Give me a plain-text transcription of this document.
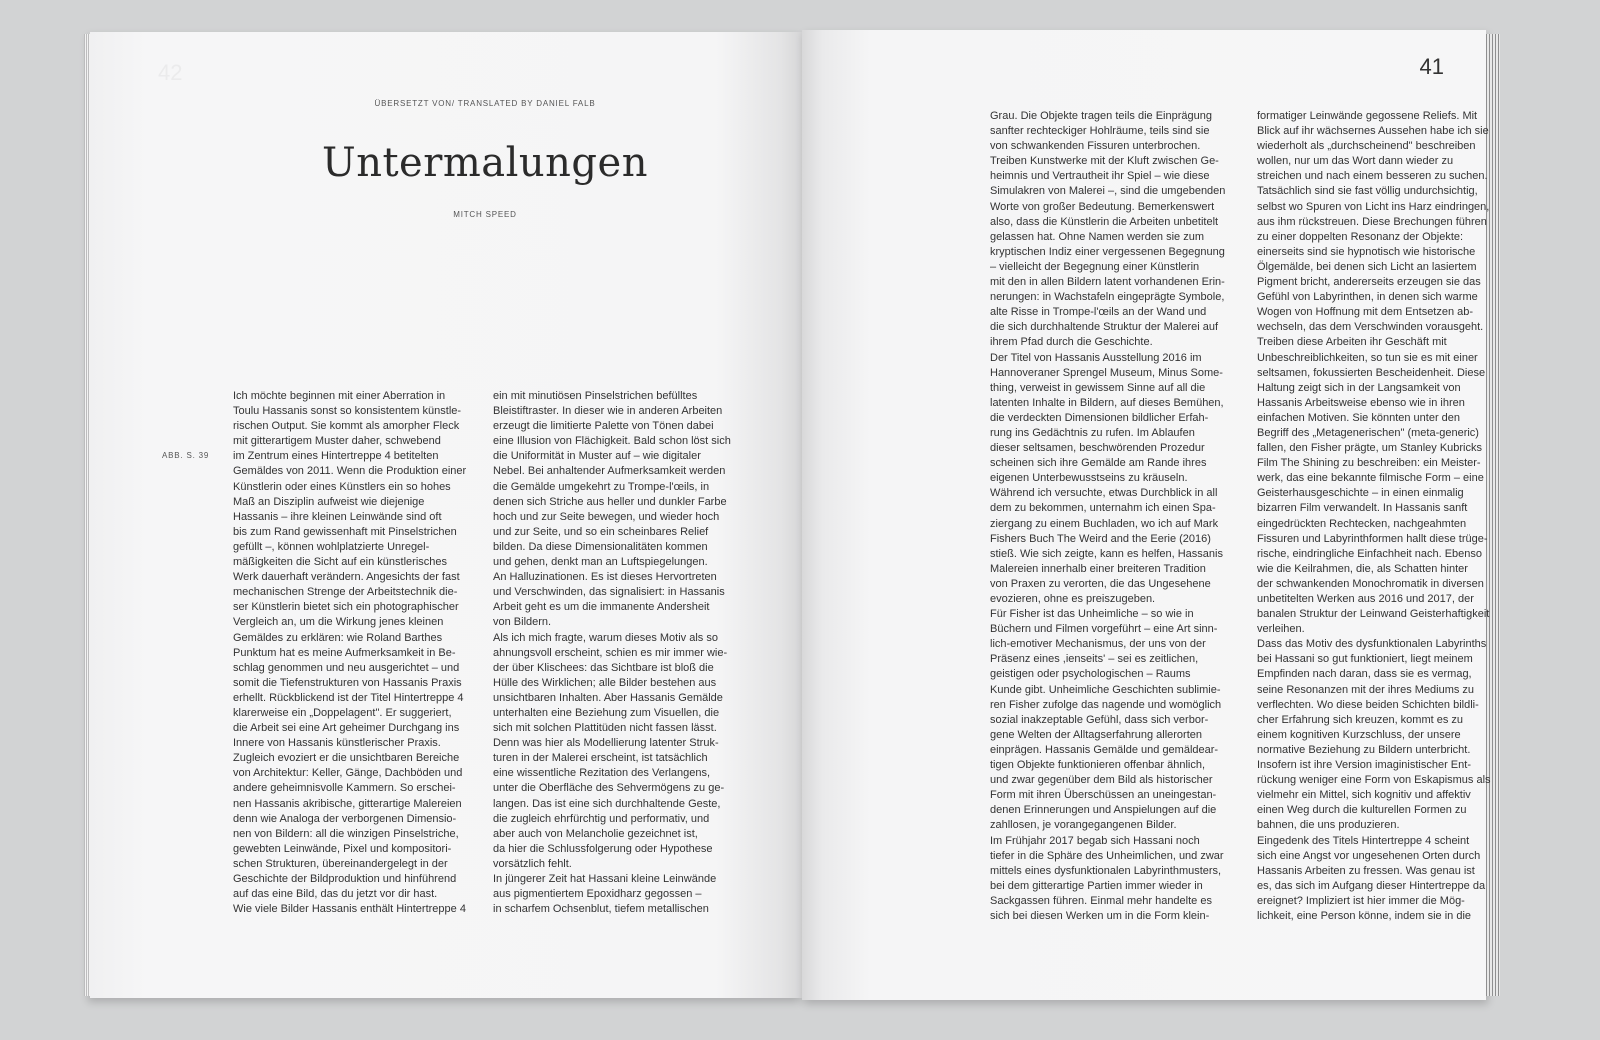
42
ÜBERSETZT VON/ TRANSLATED BY DANIEL FALB
Untermalungen
MITCH SPEED
ABB. S. 39
Ich möchte beginnen mit einer Aberration in
Toulu Hassanis sonst so konsistentem künstle-
rischen Output. Sie kommt als amorpher Fleck
mit gitterartigem Muster daher, schwebend
im Zentrum eines Hintertreppe 4 betitelten
Gemäldes von 2011. Wenn die Produktion einer
Künstlerin oder eines Künstlers ein so hohes
Maß an Disziplin aufweist wie diejenige
Hassanis – ihre kleinen Leinwände sind oft
bis zum Rand gewissenhaft mit Pinselstrichen
gefüllt –, können wohlplatzierte Unregel-
mäßigkeiten die Sicht auf ein künstlerisches
Werk dauerhaft verändern. Angesichts der fast
mechanischen Strenge der Arbeitstechnik die-
ser Künstlerin bietet sich ein photographischer
Vergleich an, um die Wirkung jenes kleinen
Gemäldes zu erklären: wie Roland Barthes
Punktum hat es meine Aufmerksamkeit in Be-
schlag genommen und neu ausgerichtet – und
somit die Tiefenstrukturen von Hassanis Praxis
erhellt. Rückblickend ist der Titel Hintertreppe 4
klarerweise ein „Doppelagent". Er suggeriert,
die Arbeit sei eine Art geheimer Durchgang ins
Innere von Hassanis künstlerischer Praxis.
Zugleich evoziert er die unsichtbaren Bereiche
von Architektur: Keller, Gänge, Dachböden und
andere geheimnisvolle Kammern. So erschei-
nen Hassanis akribische, gitterartige Malereien
denn wie Analoga der verborgenen Dimensio-
nen von Bildern: all die winzigen Pinselstriche,
gewebten Leinwände, Pixel und kompositori-
schen Strukturen, übereinandergelegt in der
Geschichte der Bildproduktion und hinführend
auf das eine Bild, das du jetzt vor dir hast.
Wie viele Bilder Hassanis enthält Hintertreppe 4
ein mit minutiösen Pinselstrichen befülltes
Bleistiftraster. In dieser wie in anderen Arbeiten
erzeugt die limitierte Palette von Tönen dabei
eine Illusion von Flächigkeit. Bald schon löst sich
die Uniformität in Muster auf – wie digitaler
Nebel. Bei anhaltender Aufmerksamkeit werden
die Gemälde umgekehrt zu Trompe-l'œils, in
denen sich Striche aus heller und dunkler Farbe
hoch und zur Seite bewegen, und wieder hoch
und zur Seite, und so ein scheinbares Relief
bilden. Da diese Dimensionalitäten kommen
und gehen, denkt man an Luftspiegelungen.
An Halluzinationen. Es ist dieses Hervortreten
und Verschwinden, das signalisiert: in Hassanis
Arbeit geht es um die immanente Andersheit
von Bildern.
Als ich mich fragte, warum dieses Motiv als so
ahnungsvoll erscheint, schien es mir immer wie-
der über Klischees: das Sichtbare ist bloß die
Hülle des Wirklichen; alle Bilder bestehen aus
unsichtbaren Inhalten. Aber Hassanis Gemälde
unterhalten eine Beziehung zum Visuellen, die
sich mit solchen Plattitüden nicht fassen lässt.
Denn was hier als Modellierung latenter Struk-
turen in der Malerei erscheint, ist tatsächlich
eine wissentliche Rezitation des Verlangens,
unter die Oberfläche des Sehvermögens zu ge-
langen. Das ist eine sich durchhaltende Geste,
die zugleich ehrfürchtig und performativ, und
aber auch von Melancholie gezeichnet ist,
da hier die Schlussfolgerung oder Hypothese
vorsätzlich fehlt.
In jüngerer Zeit hat Hassani kleine Leinwände
aus pigmentiertem Epoxidharz gegossen –
in scharfem Ochsenblut, tiefem metallischen
41
Grau. Die Objekte tragen teils die Einprägung
sanfter rechteckiger Hohlräume, teils sind sie
von schwankenden Fissuren unterbrochen.
Treiben Kunstwerke mit der Kluft zwischen Ge-
heimnis und Vertrautheit ihr Spiel – wie diese
Simulakren von Malerei –, sind die umgebenden
Worte von großer Bedeutung. Bemerkenswert
also, dass die Künstlerin die Arbeiten unbetitelt
gelassen hat. Ohne Namen werden sie zum
kryptischen Indiz einer vergessenen Begegnung
– vielleicht der Begegnung einer Künstlerin
mit den in allen Bildern latent vorhandenen Erin-
nerungen: in Wachstafeln eingeprägte Symbole,
alte Risse in Trompe-l'œils an der Wand und
die sich durchhaltende Struktur der Malerei auf
ihrem Pfad durch die Geschichte.
Der Titel von Hassanis Ausstellung 2016 im
Hannoveraner Sprengel Museum, Minus Some-
thing, verweist in gewissem Sinne auf all die
latenten Inhalte in Bildern, auf dieses Bemühen,
die verdeckten Dimensionen bildlicher Erfah-
rung ins Gedächtnis zu rufen. Im Ablaufen
dieser seltsamen, beschwörenden Prozedur
scheinen sich ihre Gemälde am Rande ihres
eigenen Unterbewusstseins zu kräuseln.
Während ich versuchte, etwas Durchblick in all
dem zu bekommen, unternahm ich einen Spa-
ziergang zu einem Buchladen, wo ich auf Mark
Fishers Buch The Weird and the Eerie (2016)
stieß. Wie sich zeigte, kann es helfen, Hassanis
Malereien innerhalb einer breiteren Tradition
von Praxen zu verorten, die das Ungesehene
evozieren, ohne es preiszugeben.
Für Fisher ist das Unheimliche – so wie in
Büchern und Filmen vorgeführt – eine Art sinn-
lich-emotiver Mechanismus, der uns von der
Präsenz eines ,ienseits' – sei es zeitlichen,
geistigen oder psychologischen – Raums
Kunde gibt. Unheimliche Geschichten sublimie-
ren Fisher zufolge das nagende und womöglich
sozial inakzeptable Gefühl, dass sich verbor-
gene Welten der Alltagserfahrung allerorten
einprägen. Hassanis Gemälde und gemäldear-
tigen Objekte funktionieren offenbar ähnlich,
und zwar gegenüber dem Bild als historischer
Form mit ihren Überschüssen an uneingestan-
denen Erinnerungen und Anspielungen auf die
zahllosen, je vorangegangenen Bilder.
Im Frühjahr 2017 begab sich Hassani noch
tiefer in die Sphäre des Unheimlichen, und zwar
mittels eines dysfunktionalen Labyrinthmusters,
bei dem gitterartige Partien immer wieder in
Sackgassen führen. Einmal mehr handelte es
sich bei diesen Werken um in die Form klein-
formatiger Leinwände gegossene Reliefs. Mit
Blick auf ihr wächsernes Aussehen habe ich sie
wiederholt als „durchscheinend" beschreiben
wollen, nur um das Wort dann wieder zu
streichen und nach einem besseren zu suchen.
Tatsächlich sind sie fast völlig undurchsichtig,
selbst wo Spuren von Licht ins Harz eindringen,
aus ihm rückstreuen. Diese Brechungen führen
zu einer doppelten Resonanz der Objekte:
einerseits sind sie hypnotisch wie historische
Ölgemälde, bei denen sich Licht an lasiertem
Pigment bricht, andererseits erzeugen sie das
Gefühl von Labyrinthen, in denen sich warme
Wogen von Hoffnung mit dem Entsetzen ab-
wechseln, das dem Verschwinden vorausgeht.
Treiben diese Arbeiten ihr Geschäft mit
Unbeschreiblichkeiten, so tun sie es mit einer
seltsamen, fokussierten Bescheidenheit. Diese
Haltung zeigt sich in der Langsamkeit von
Hassanis Arbeitsweise ebenso wie in ihren
einfachen Motiven. Sie könnten unter den
Begriff des „Metagenerischen" (meta-generic)
fallen, den Fisher prägte, um Stanley Kubricks
Film The Shining zu beschreiben: ein Meister-
werk, das eine bekannte filmische Form – eine
Geisterhausgeschichte – in einen einmalig
bizarren Film verwandelt. In Hassanis sanft
eingedrückten Rechtecken, nachgeahmten
Fissuren und Labyrinthformen hallt diese trüge-
rische, eindringliche Einfachheit nach. Ebenso
wie die Keilrahmen, die, als Schatten hinter
der schwankenden Monochromatik in diversen
unbetitelten Werken aus 2016 und 2017, der
banalen Struktur der Leinwand Geisterhaftigkeit
verleihen.
Dass das Motiv des dysfunktionalen Labyrinths
bei Hassani so gut funktioniert, liegt meinem
Empfinden nach daran, dass sie es vermag,
seine Resonanzen mit der ihres Mediums zu
verflechten. Wo diese beiden Schichten bildli-
cher Erfahrung sich kreuzen, kommt es zu
einem kognitiven Kurzschluss, der unsere
normative Beziehung zu Bildern unterbricht.
Insofern ist ihre Version imaginistischer Ent-
rückung weniger eine Form von Eskapismus als
vielmehr ein Mittel, sich kognitiv und affektiv
einen Weg durch die kulturellen Formen zu
bahnen, die uns produzieren.
Eingedenk des Titels Hintertreppe 4 scheint
sich eine Angst vor ungesehenen Orten durch
Hassanis Arbeiten zu fressen. Was genau ist
es, das sich im Aufgang dieser Hintertreppe da
ereignet? Impliziert ist hier immer die Mög-
lichkeit, eine Person könne, indem sie in die
